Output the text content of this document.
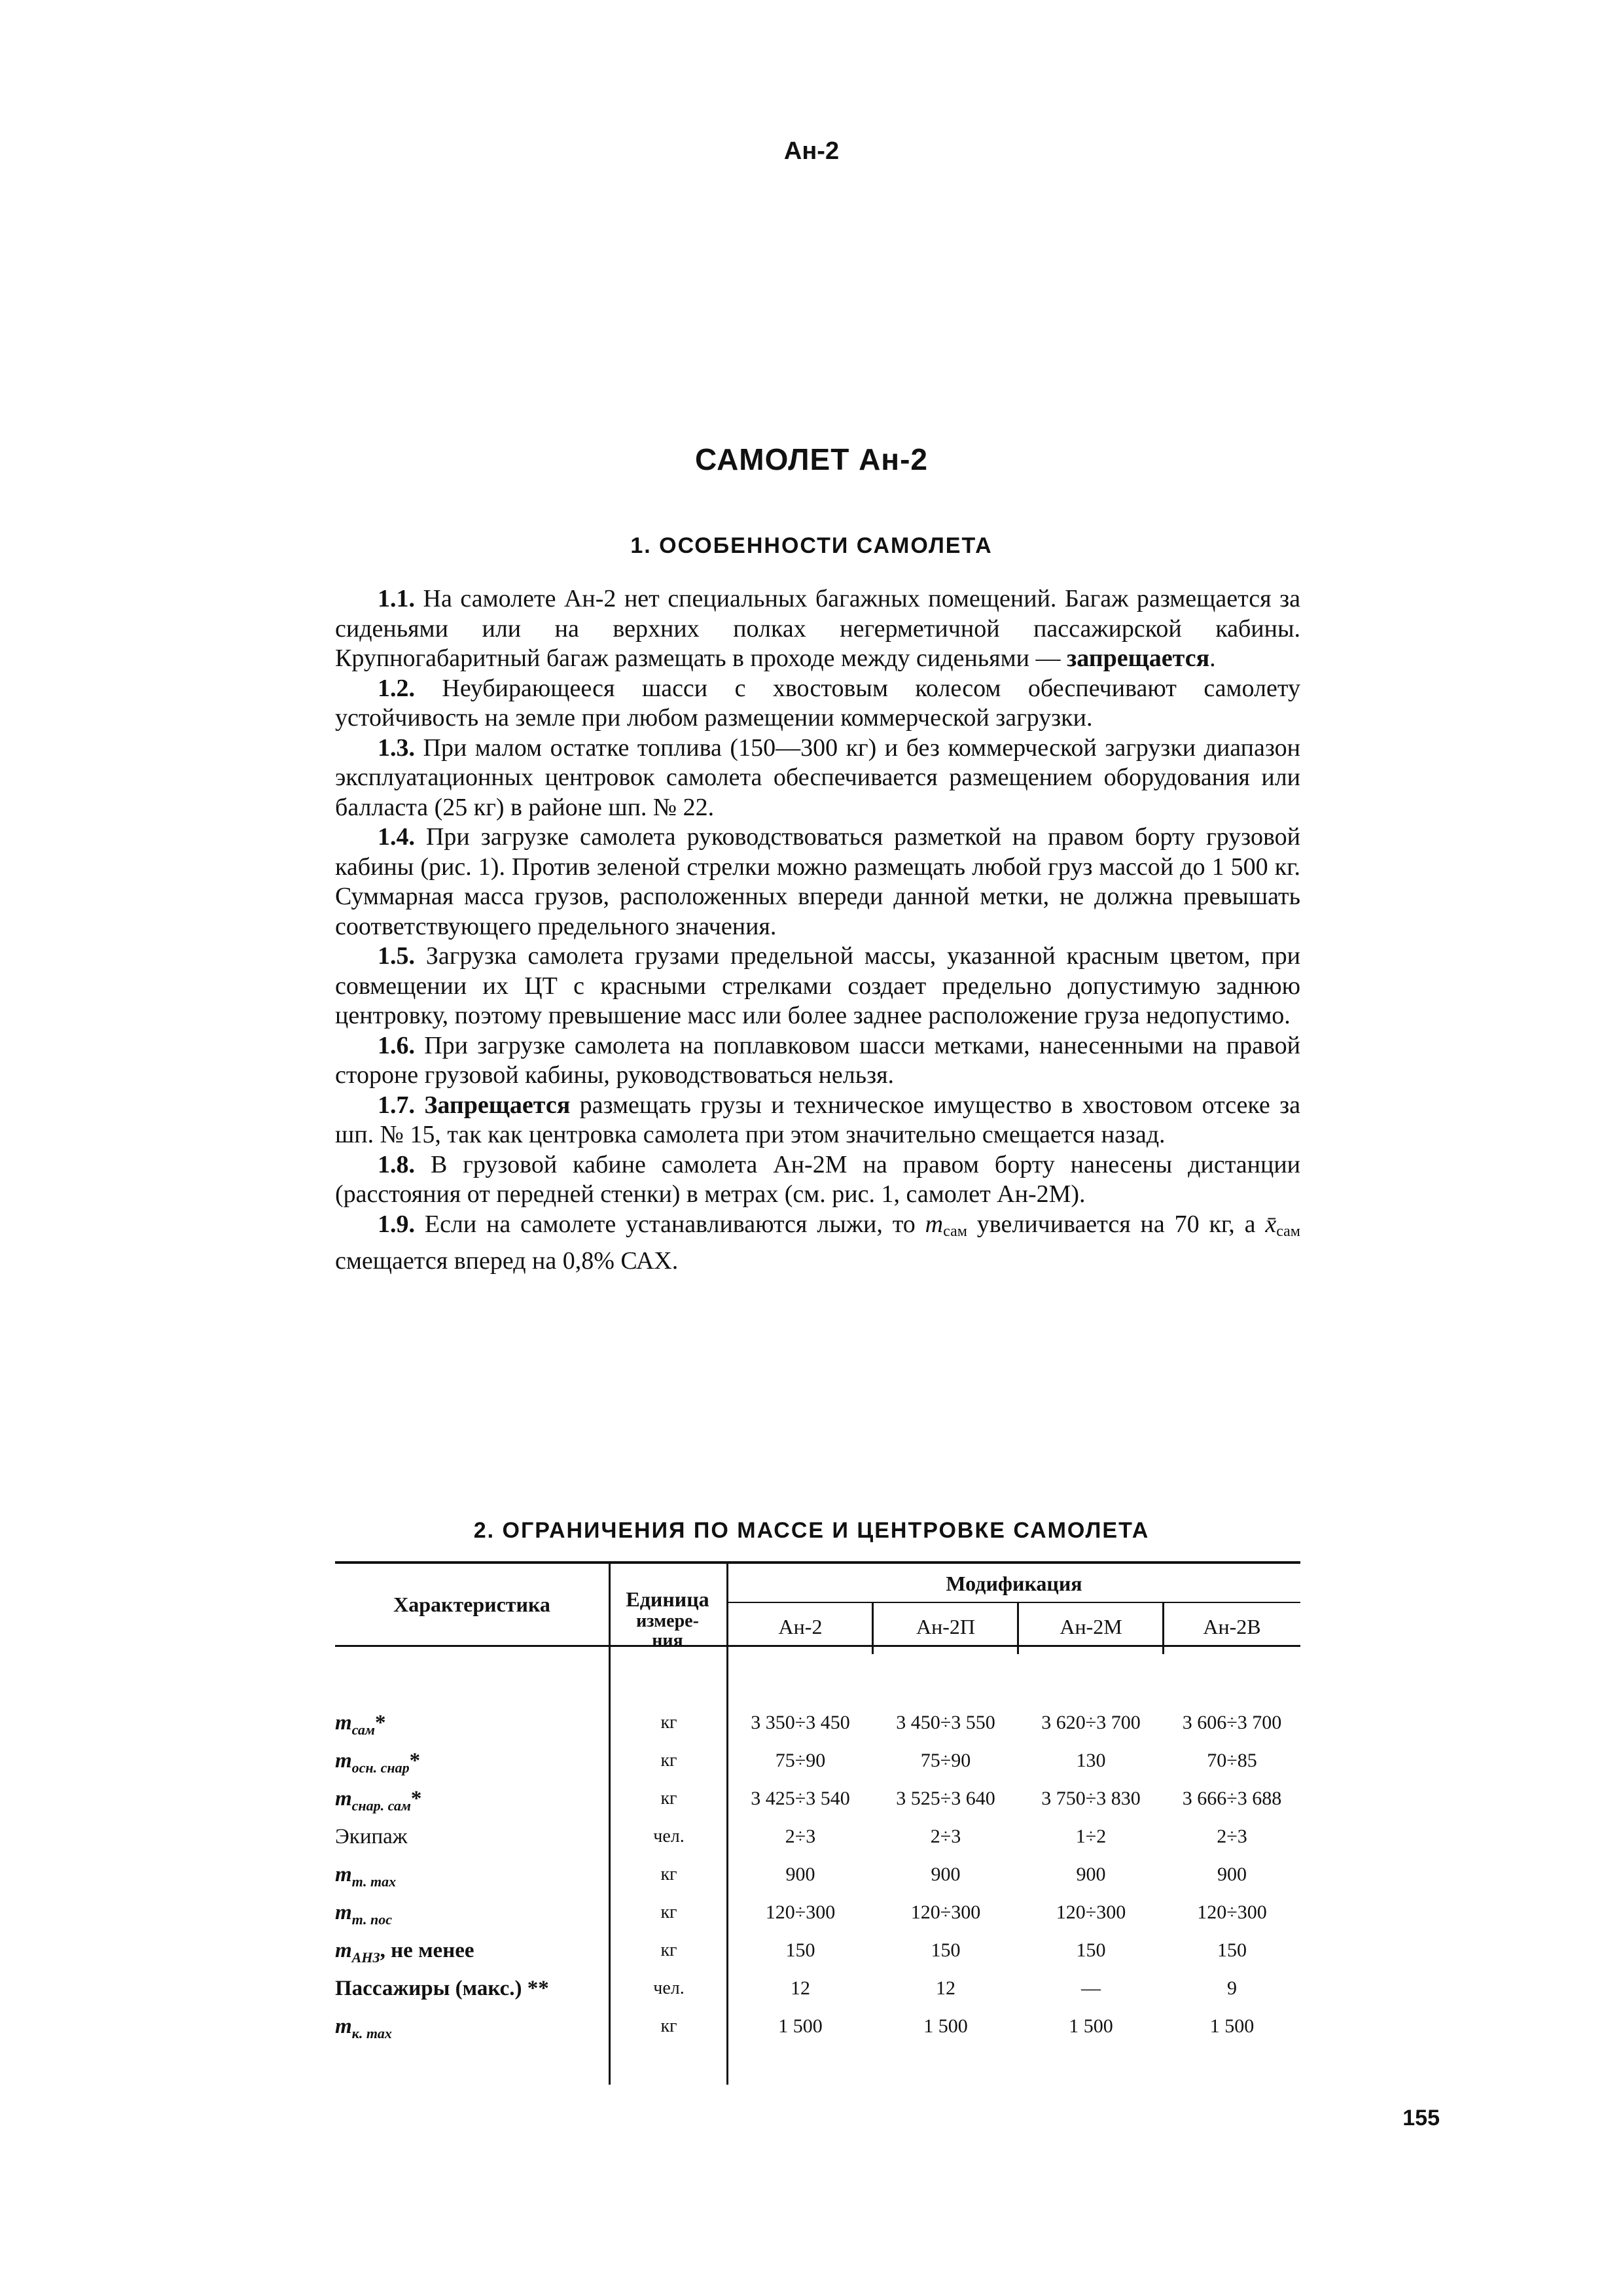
Ан-2
САМОЛЕТ Ан-2
1. ОСОБЕННОСТИ САМОЛЕТА

1.1. На самолете Ан-2 нет специальных багажных помещений. Багаж размещается за сиденьями или на верхних полках негерметичной пассажирской кабины. Крупногабаритный багаж размещать в проходе между сиденьями — запрещается.

1.2. Неубирающееся шасси с хвостовым колесом обеспечивают самолету устойчивость на земле при любом размещении коммерческой загрузки.

1.3. При малом остатке топлива (150—300 кг) и без коммерческой загрузки диапазон эксплуатационных центровок самолета обеспечивается размещением оборудования или балласта (25 кг) в районе шп. № 22.

1.4. При загрузке самолета руководствоваться разметкой на правом борту грузовой кабины (рис. 1). Против зеленой стрелки можно размещать любой груз массой до 1 500 кг. Суммарная масса грузов, расположенных впереди данной метки, не должна превышать соответствующего предельного значения.

1.5. Загрузка самолета грузами предельной массы, указанной красным цветом, при совмещении их ЦТ с красными стрелками создает предельно допустимую заднюю центровку, поэтому превышение масс или более заднее расположение груза недопустимо.

1.6. При загрузке самолета на поплавковом шасси метками, нанесенными на правой стороне грузовой кабины, руководствоваться нельзя.

1.7. Запрещается размещать грузы и техническое имущество в хвостовом отсеке за шп. № 15, так как центровка самолета при этом значительно смещается назад.

1.8. В грузовой кабине самолета Ан-2М на правом борту нанесены дистанции (расстояния от передней стенки) в метрах (см. рис. 1, самолет Ан-2М).

1.9. Если на самолете устанавливаются лыжи, то $m_{сам}$ увеличивается на 70 кг, а $x̄_{сам}$ смещается вперед на 0,8% САХ.

2. ОГРАНИЧЕНИЯ ПО МАССЕ И ЦЕНТРОВКЕ САМОЛЕТА
Характеристика	Единица
измере-
ния
Модификация
Ан-2	Ан-2П	Ан-2М	Ан-2В
$m_{сам}*$	кг	3 350÷3 450	3 450÷3 550	3 620÷3 700	3 606÷3 700
$m_{осн. снар}*$	кг	75÷90	75÷90	130	70÷85
$m_{снар. сам}*$	кг	3 425÷3 540	3 525÷3 640	3 750÷3 830	3 666÷3 688
Экипаж	чел.	2÷3	2÷3	1÷2	2÷3
$m_{т. max}$	кг	900	900	900	900
$m_{т. пос}$	кг	120÷300	120÷300	120÷300	120÷300
$m_{АНЗ}$, не менее	кг	150	150	150	150
Пассажиры (макс.) **	чел.	12	12	—	9
$m_{к. max}$	кг	1 500	1 500	1 500	1 500
155
